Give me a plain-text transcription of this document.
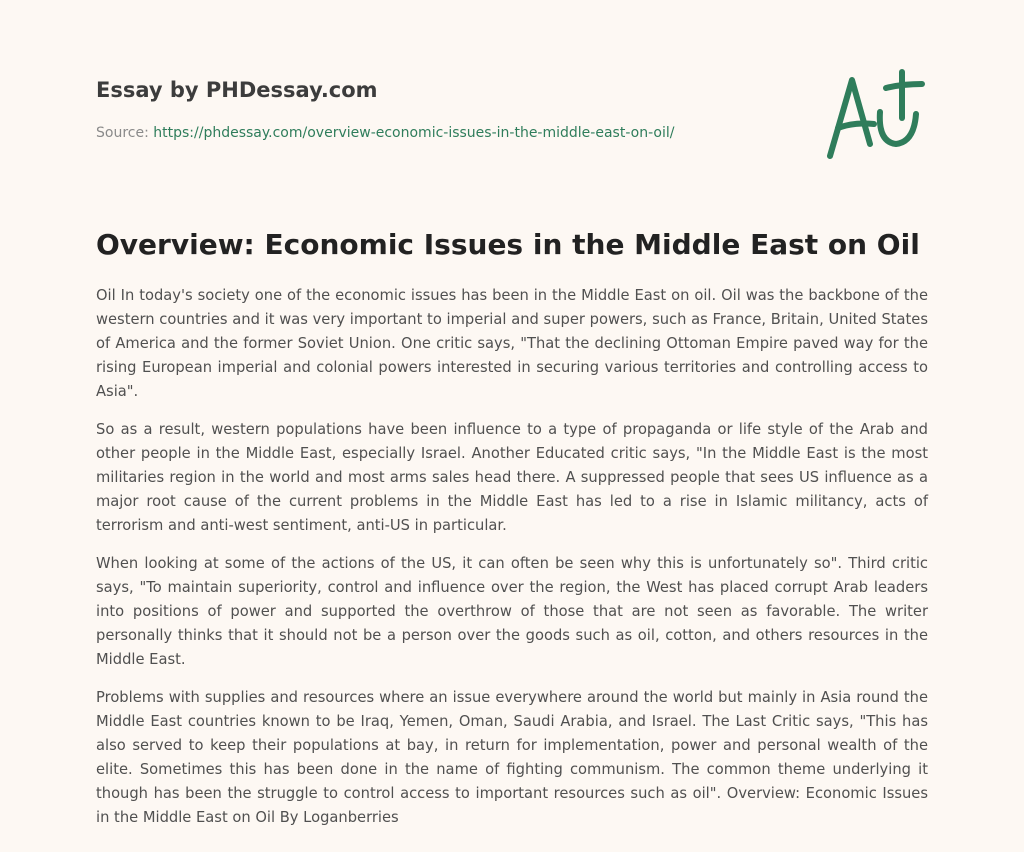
Essay by PHDessay.com

Source: https://phdessay.com/overview-economic-issues-in-the-middle-east-on-oil/

Overview: Economic Issues in the Middle East on Oil

Oil In today's society one of the economic issues has been in the Middle East on oil. Oil was the backbone of the western countries and it was very important to imperial and super powers, such as France, Britain, United States of America and the former Soviet Union. One critic says, "That the declining Ottoman Empire paved way for the rising European imperial and colonial powers interested in securing various territories and controlling access to Asia".

So as a result, western populations have been influence to a type of propaganda or life style of the Arab and other people in the Middle East, especially Israel. Another Educated critic says, "In the Middle East is the most militaries region in the world and most arms sales head there. A suppressed people that sees US influence as a major root cause of the current problems in the Middle East has led to a rise in Islamic militancy, acts of terrorism and anti-west sentiment, anti-US in particular.

When looking at some of the actions of the US, it can often be seen why this is unfortunately so". Third critic says, "To maintain superiority, control and influence over the region, the West has placed corrupt Arab leaders into positions of power and supported the overthrow of those that are not seen as favorable. The writer personally thinks that it should not be a person over the goods such as oil, cotton, and others resources in the Middle East.

Problems with supplies and resources where an issue everywhere around the world but mainly in Asia round the Middle East countries known to be Iraq, Yemen, Oman, Saudi Arabia, and Israel. The Last Critic says, "This has also served to keep their populations at bay, in return for implementation, power and personal wealth of the elite. Sometimes this has been done in the name of fighting communism. The common theme underlying it though has been the struggle to control access to important resources such as oil". Overview: Economic Issues in the Middle East on Oil By Loganberries
